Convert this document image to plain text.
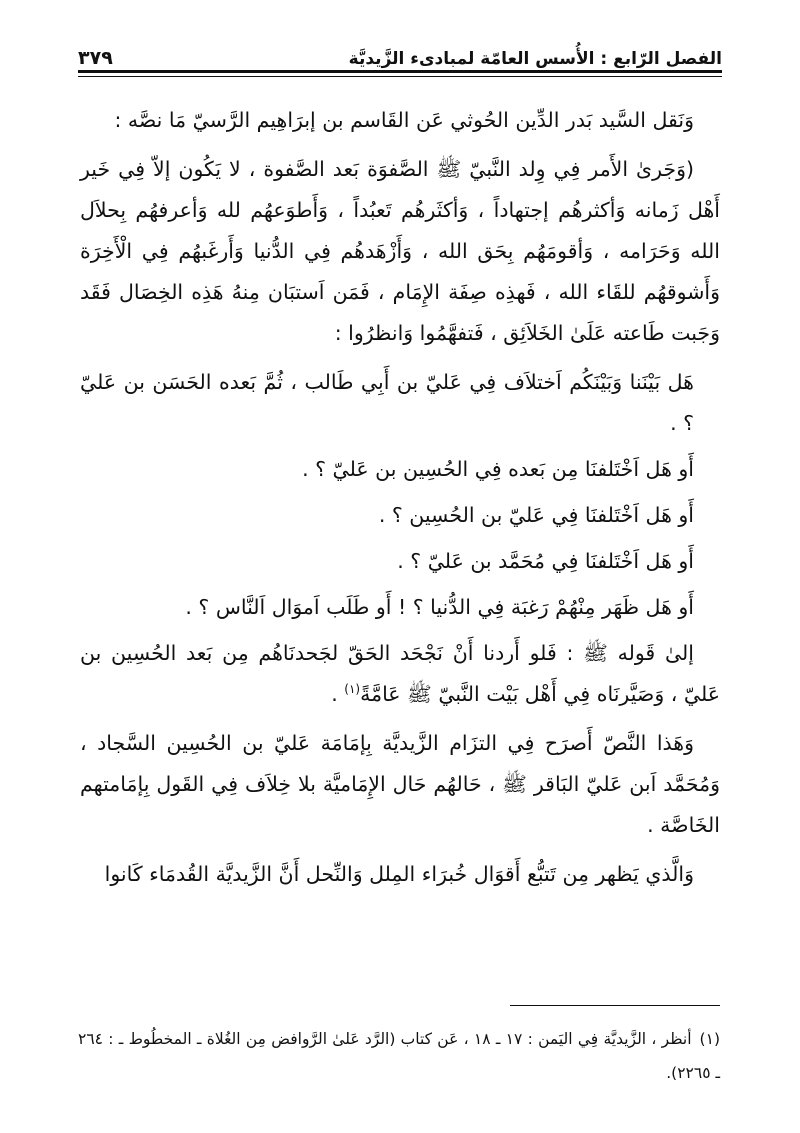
الفصل الرّابع : الأُسس العامّة لمبادىء الزَّيديَّة
٣٧٩

وَنَقل السَّيد بَدر الدِّين الحُوثي عَن القَاسم بن إبرَاهِيم الرَّسيّ مَا نصَّه :

(وَجَرىٰ الأَمر فِي وِلد النَّبيّ ﷺ الصَّفوَة بَعد الصَّفوة ، لا يَكُون إلاّ فِي خَير أَهْل زَمانه وَأكثرهُم إجتهاداً ، وَأكثَرهُم تَعبُداً ، وَأَطوَعهُم لله وَأعرفهُم بِحلاَل الله وَحَرَامه ، وَأقومَهُم بِحَق الله ، وَأَزْهَدهُم فِي الدُّنيا وَأَرغَبهُم فِي الْأَخِرَة وَأَشوقهُم للقَاء الله ، فَهذِه صِفَة الإِمَام ، فَمَن اَستبَان مِنهُ هَذِه الخِصَال فَقَد وَجَبت طَاعته عَلَىٰ الخَلاَئِق ، فَتفهَّمُوا وَانظرُوا :

هَل بَيْنَنا وَبَيْنَكُم اَختلاَف فِي عَليّ بن أَبِي طَالب ، ثُمَّ بَعده الحَسَن بن عَليّ ؟ .
أَو هَل اَخْتَلفنَا مِن بَعده فِي الحُسِين بن عَليّ ؟ .
أَو هَل اَخْتَلفنَا فِي عَليّ بن الحُسِين ؟ .
أَو هَل اَخْتَلفنَا فِي مُحَمَّد بن عَليّ ؟ .
أَو هَل ظَهَر مِنْهُمْ رَغبَة فِي الدُّنيا ؟ ! أَو طَلَب اَموَال اَلنَّاس ؟ .

إلىٰ قَوله ﷺ : فَلو أَردنا أَنْ نَجْحَد الحَقّ لجَحدنَاهُم مِن بَعد الحُسِين بن عَليّ ، وَصَيَّرنَاه فِي أَهْل بَيْت النَّبيّ ﷺ عَامَّةً$^{(١)}$ .

وَهَذا النَّصّ أَصرَح فِي التزَام الزَّيديَّة بِإمَامَة عَليّ بن الحُسِين السَّجاد ، وَمُحَمَّد اَبن عَليّ البَاقر ﷺ ، حَالهُم حَال الإِمَاميَّة بلا خِلاَف فِي القَول بِإمَامتهم الخَاصَّة .

وَالَّذي يَظهر مِن تَتبُّع أَقوَال خُبرَاء المِلل وَالنِّحل أَنَّ الزَّيديَّة القُدمَاء كَانوا

(١)أنظر ، الزَّيديَّة فِي اليَمن : ١٧ ـ ١٨ ، عَن كتاب (الرَّد عَلىٰ الرَّوافض مِن الغُلاة ـ المخطُوط ـ : ٢٦٤ ـ ٢٢٦٥).
